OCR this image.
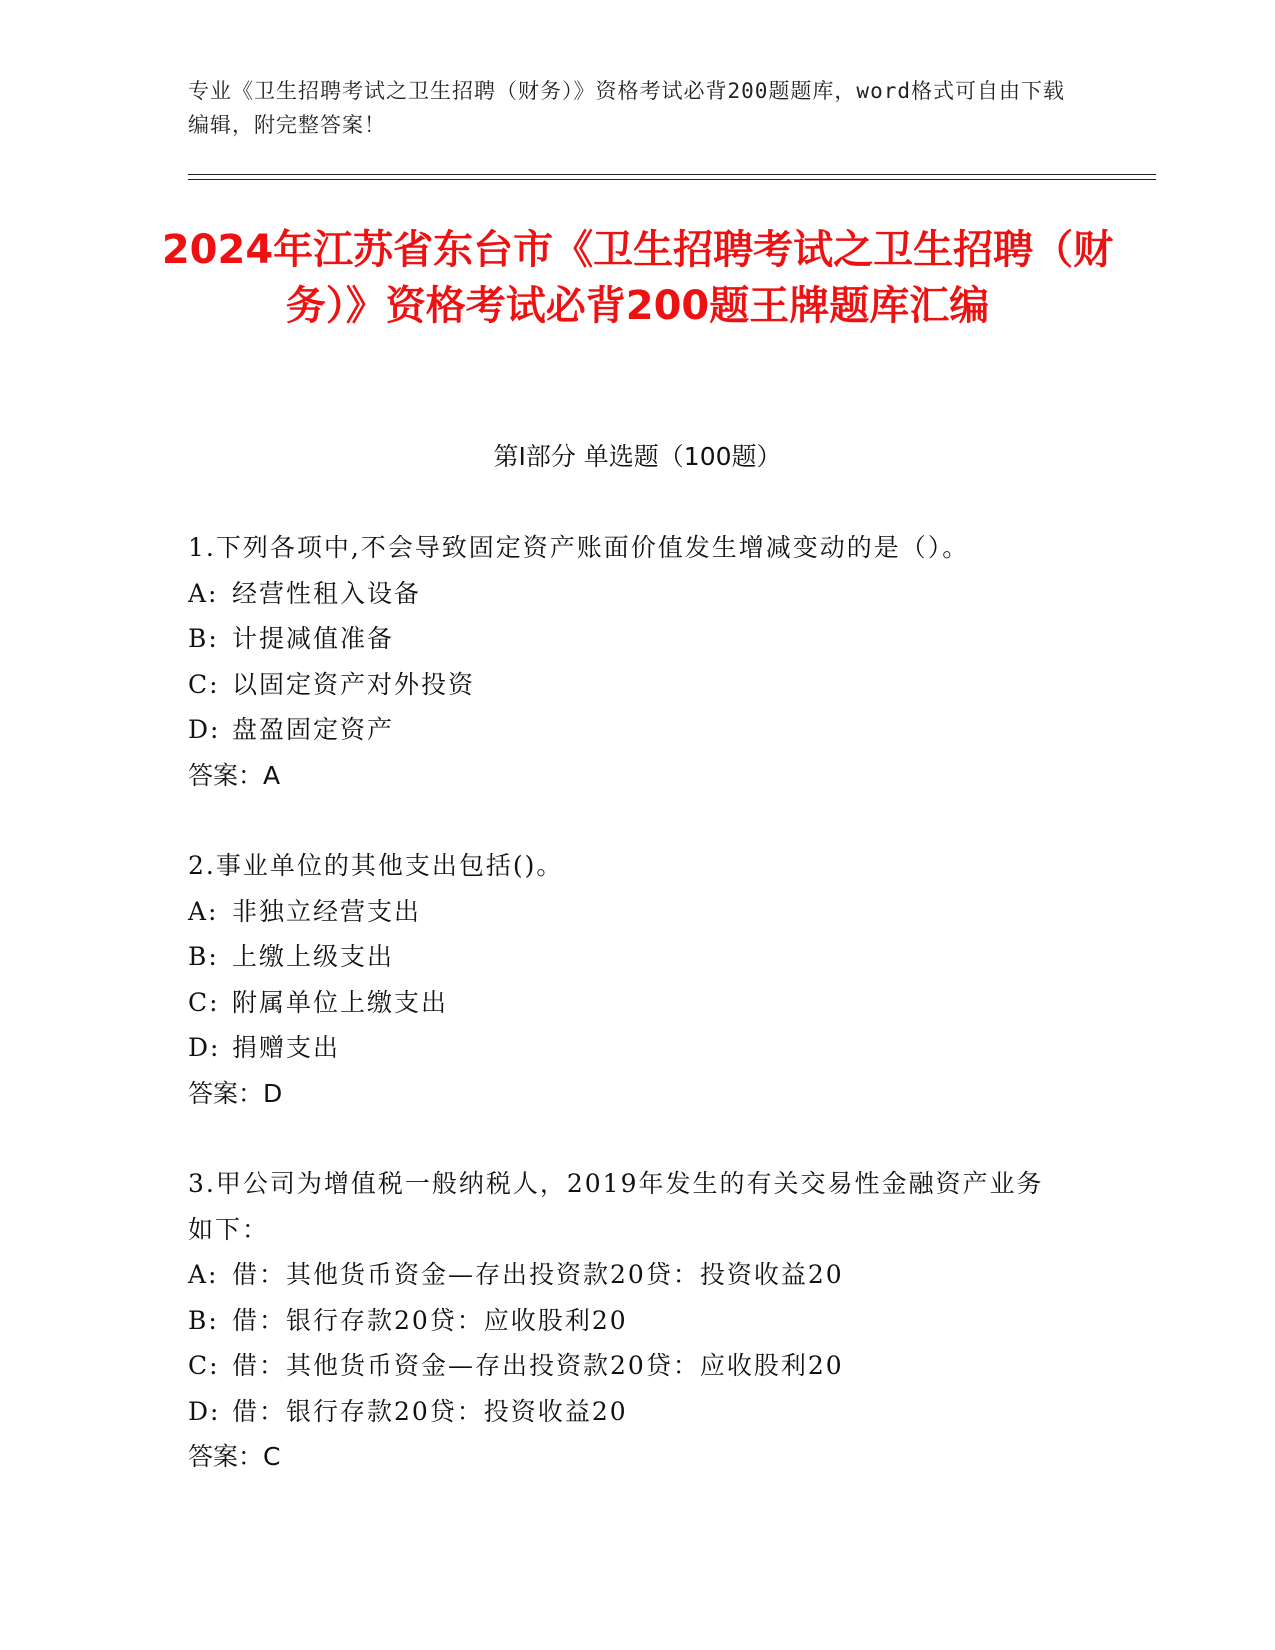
专业《卫生招聘考试之卫生招聘（财务）》资格考试必背200题题库，word格式可自由下载编辑，附完整答案！
2024年江苏省东台市《卫生招聘考试之卫生招聘（财务）》资格考试必背200题王牌题库汇编
第Ⅰ部分 单选题（100题）
1.下列各项中,不会导致固定资产账面价值发生增减变动的是（）。
A: 经营性租入设备
B: 计提减值准备
C: 以固定资产对外投资
D: 盘盈固定资产
答案：A
2.事业单位的其他支出包括()。
A: 非独立经营支出
B: 上缴上级支出
C: 附属单位上缴支出
D: 捐赠支出
答案：D
3.甲公司为增值税一般纳税人，2019年发生的有关交易性金融资产业务如下：
A: 借：其他货币资金—存出投资款20贷：投资收益20
B: 借：银行存款20贷：应收股利20
C: 借：其他货币资金—存出投资款20贷：应收股利20
D: 借：银行存款20贷：投资收益20
答案：C
